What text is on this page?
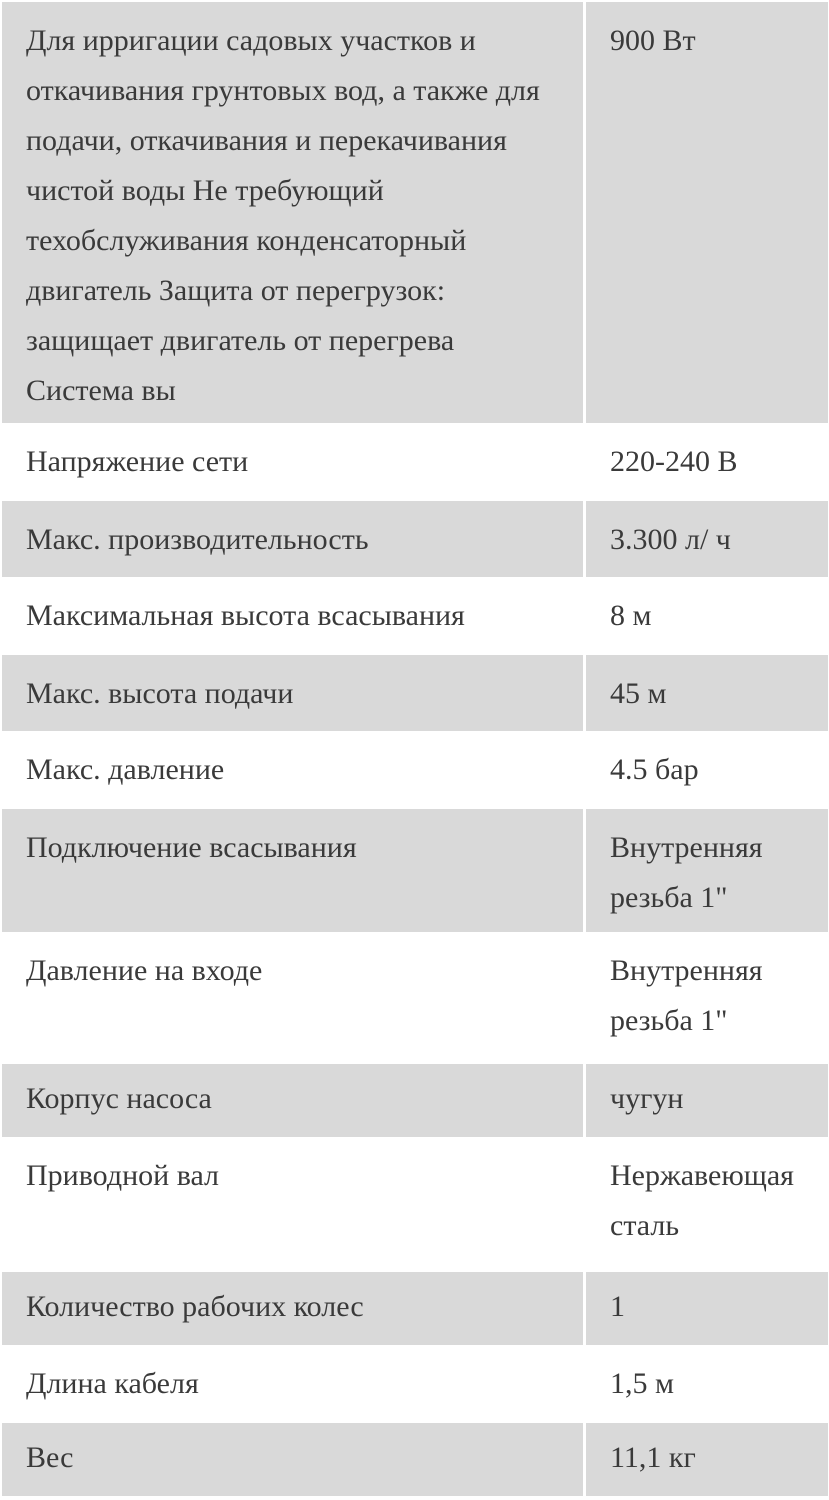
Для ирригации садовых участков и откачивания грунтовых вод, а также для подачи, откачивания и перекачивания чистой воды Не требующий техобслуживания конденсаторный двигатель Защита от перегрузок: защищает двигатель от перегрева Система вы	900 Вт
Напряжение сети	220-240 В
Макс. производительность	3.300 л/ ч
Максимальная высота всасывания	8 м
Макс. высота подачи	45 м
Макс. давление	4.5 бар
Подключение всасывания	Внутренняя резьба 1"
Давление на входе	Внутренняя резьба 1"
Корпус насоса	чугун
Приводной вал	Нержавеющая сталь
Количество рабочих колес	1
Длина кабеля	1,5 м
Вес	11,1 кг
